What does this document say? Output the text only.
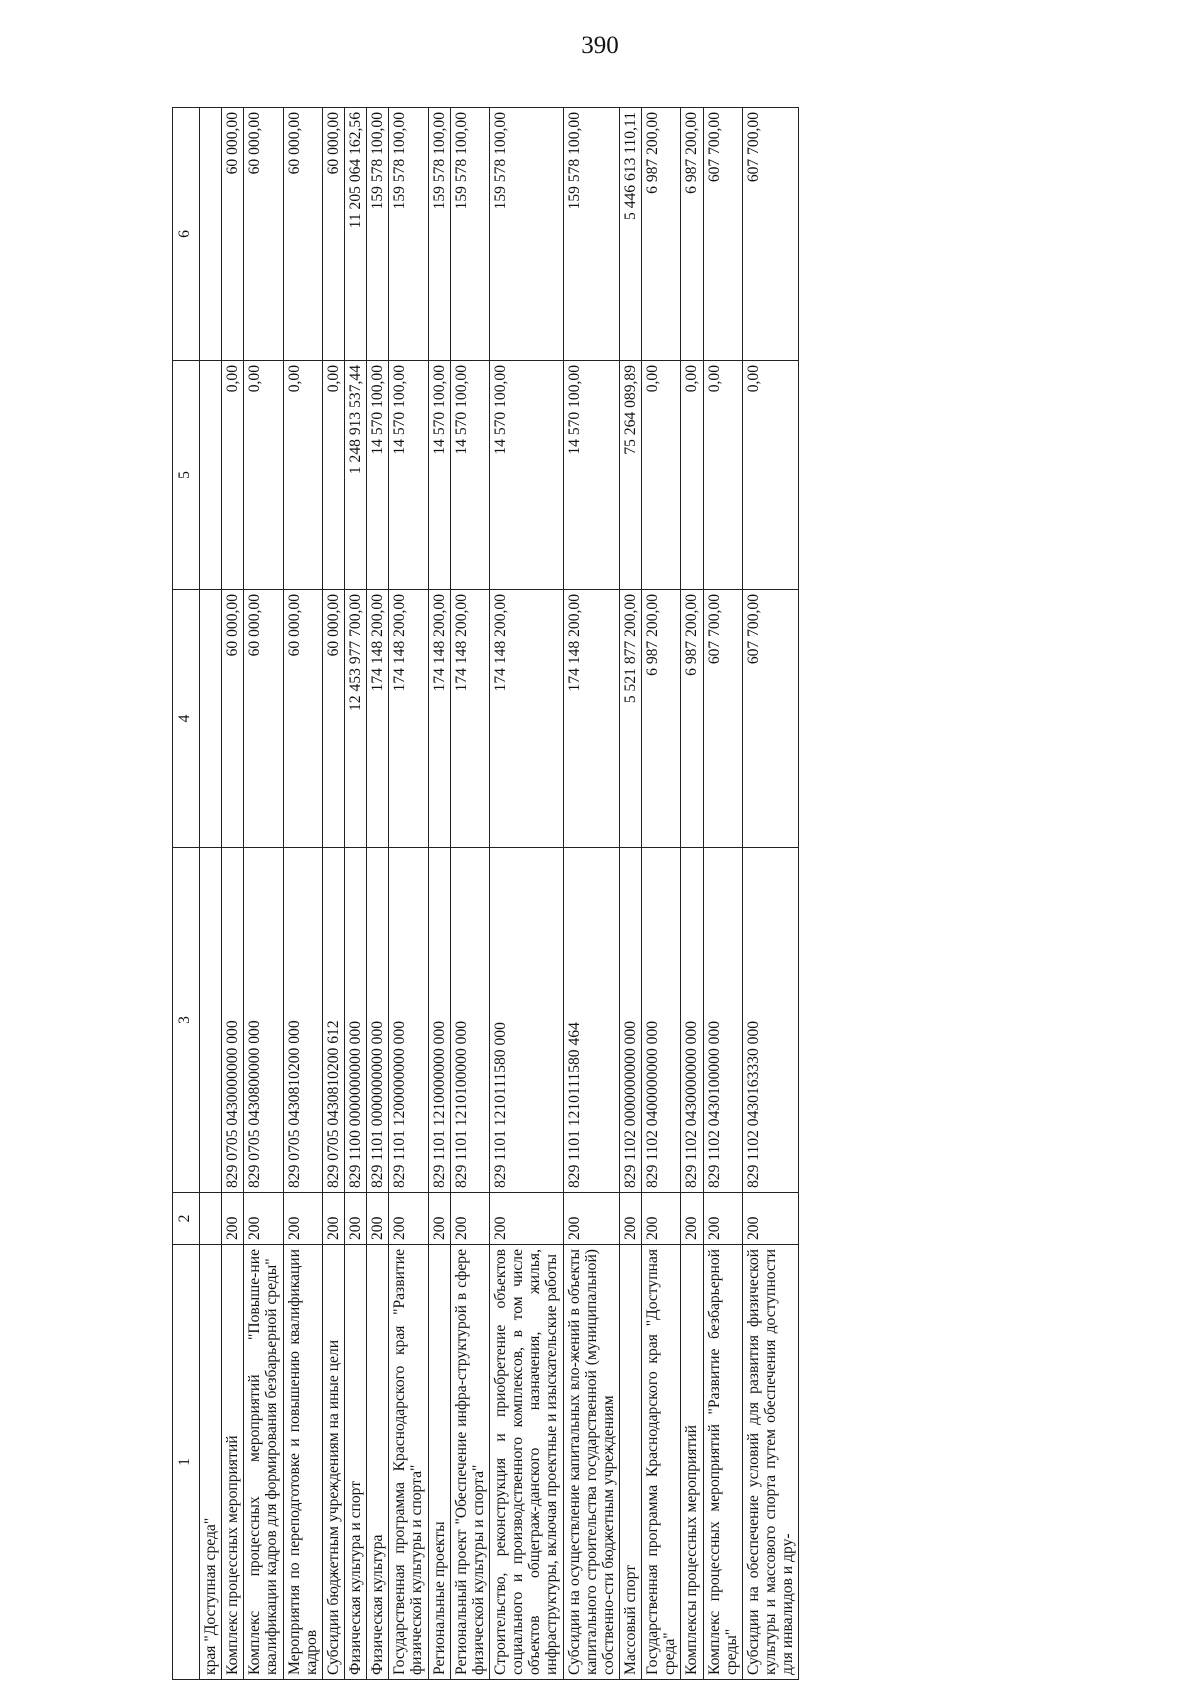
390
1	2	3	4	5	6
края "Доступная среда"					
Комплекс процессных мероприятий	200	829 0705 0430000000 000	60 000,00	0,00	60 000,00
Комплекс процессных мероприятий "Повыше-ние квалификации кадров для формирования безбарьерной среды"	200	829 0705 0430800000 000	60 000,00	0,00	60 000,00
Мероприятия по переподготовке и повышению квалификации кадров	200	829 0705 0430810200 000	60 000,00	0,00	60 000,00
Субсидии бюджетным учреждениям на иные цели	200	829 0705 0430810200 612	60 000,00	0,00	60 000,00
Физическая культура и спорт	200	829 1100 0000000000 000	12 453 977 700,00	1 248 913 537,44	11 205 064 162,56
Физическая культура	200	829 1101 0000000000 000	174 148 200,00	14 570 100,00	159 578 100,00
Государственная программа Краснодарского края "Развитие физической культуры и спорта"	200	829 1101 1200000000 000	174 148 200,00	14 570 100,00	159 578 100,00
Региональные проекты	200	829 1101 1210000000 000	174 148 200,00	14 570 100,00	159 578 100,00
Региональный проект "Обеспечение инфра-структурой в сфере физической культуры и спорта"	200	829 1101 1210100000 000	174 148 200,00	14 570 100,00	159 578 100,00
Строительство, реконструкция и приобретение объектов социального и производственного комплексов, в том числе объектов общеграж-данского назначения, жилья, инфраструктуры, включая проектные и изыскательские работы	200	829 1101 1210111580 000	174 148 200,00	14 570 100,00	159 578 100,00
Субсидии на осуществление капитальных вло-жений в объекты капитального строительства государственной (муниципальной) собственно-сти бюджетным учреждениям	200	829 1101 1210111580 464	174 148 200,00	14 570 100,00	159 578 100,00
Массовый спорт	200	829 1102 0000000000 000	5 521 877 200,00	75 264 089,89	5 446 613 110,11
Государственная программа Краснодарского края "Доступная среда"	200	829 1102 0400000000 000	6 987 200,00	0,00	6 987 200,00
Комплексы процессных мероприятий	200	829 1102 0430000000 000	6 987 200,00	0,00	6 987 200,00
Комплекс процессных мероприятий "Развитие безбарьерной среды"	200	829 1102 0430100000 000	607 700,00	0,00	607 700,00
Субсидии на обеспечение условий для развития физической культуры и массового спорта путем обеспечения доступности для инвалидов и дру-	200	829 1102 0430163330 000	607 700,00	0,00	607 700,00
